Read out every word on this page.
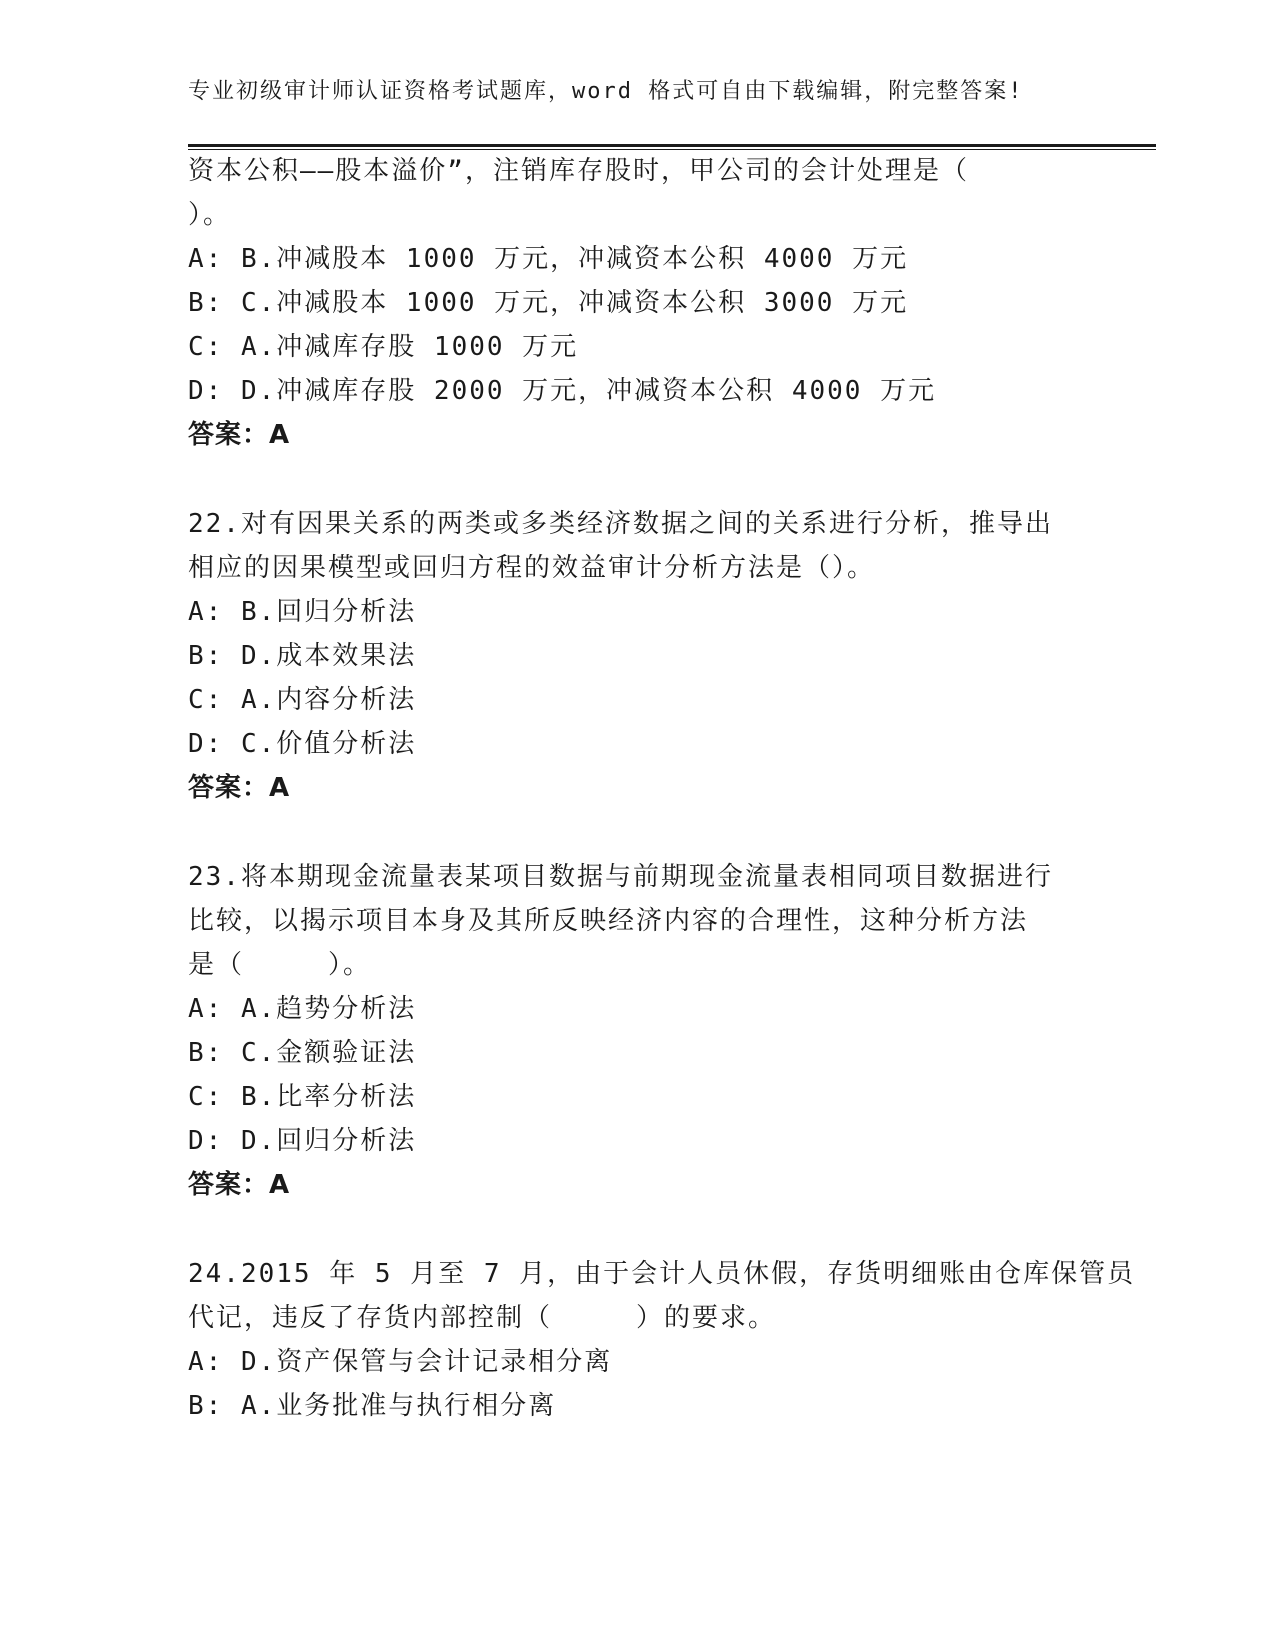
专业初级审计师认证资格考试题库，word 格式可自由下载编辑，附完整答案!
资本公积——股本溢价”，注销库存股时，甲公司的会计处理是（
）。
A: B.冲减股本 1000 万元，冲减资本公积 4000 万元
B: C.冲减股本 1000 万元，冲减资本公积 3000 万元
C: A.冲减库存股 1000 万元
D: D.冲减库存股 2000 万元，冲减资本公积 4000 万元
答案：A
22.对有因果关系的两类或多类经济数据之间的关系进行分析，推导出
相应的因果模型或回归方程的效益审计分析方法是（）。
A: B.回归分析法
B: D.成本效果法
C: A.内容分析法
D: C.价值分析法
答案：A
23.将本期现金流量表某项目数据与前期现金流量表相同项目数据进行
比较，以揭示项目本身及其所反映经济内容的合理性，这种分析方法
是（　　　）。
A: A.趋势分析法
B: C.金额验证法
C: B.比率分析法
D: D.回归分析法
答案：A
24.2015 年 5 月至 7 月，由于会计人员休假，存货明细账由仓库保管员
代记，违反了存货内部控制（　　　）的要求。
A: D.资产保管与会计记录相分离
B: A.业务批准与执行相分离
